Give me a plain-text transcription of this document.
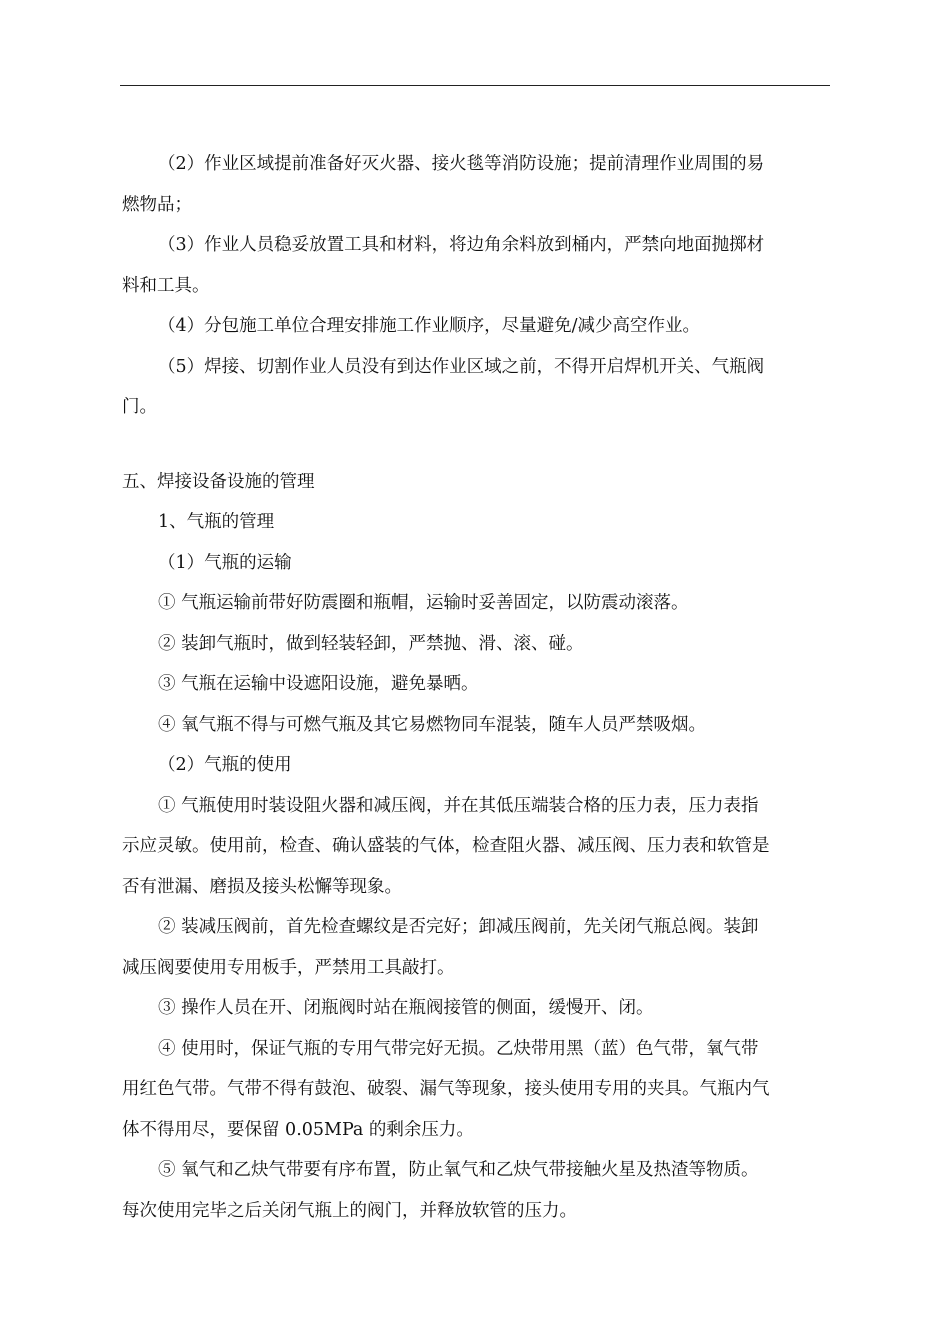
（2）作业区域提前准备好灭火器、接火毯等消防设施；提前清理作业周围的易
燃物品；
（3）作业人员稳妥放置工具和材料，将边角余料放到桶内，严禁向地面抛掷材
料和工具。
（4）分包施工单位合理安排施工作业顺序，尽量避免/减少高空作业。
（5）焊接、切割作业人员没有到达作业区域之前，不得开启焊机开关、气瓶阀
门。
五、焊接设备设施的管理
1、气瓶的管理
（1）气瓶的运输
① 气瓶运输前带好防震圈和瓶帽，运输时妥善固定，以防震动滚落。
② 装卸气瓶时，做到轻装轻卸，严禁抛、滑、滚、碰。
③ 气瓶在运输中设遮阳设施，避免暴晒。
④ 氧气瓶不得与可燃气瓶及其它易燃物同车混装，随车人员严禁吸烟。
（2）气瓶的使用
① 气瓶使用时装设阻火器和减压阀，并在其低压端装合格的压力表，压力表指
示应灵敏。使用前，检查、确认盛装的气体，检查阻火器、减压阀、压力表和软管是
否有泄漏、磨损及接头松懈等现象。
② 装减压阀前，首先检查螺纹是否完好；卸减压阀前，先关闭气瓶总阀。装卸
减压阀要使用专用板手，严禁用工具敲打。
③ 操作人员在开、闭瓶阀时站在瓶阀接管的侧面，缓慢开、闭。
④ 使用时，保证气瓶的专用气带完好无损。乙炔带用黑（蓝）色气带，氧气带
用红色气带。气带不得有鼓泡、破裂、漏气等现象，接头使用专用的夹具。气瓶内气
体不得用尽，要保留 0.05MPa 的剩余压力。
⑤ 氧气和乙炔气带要有序布置，防止氧气和乙炔气带接触火星及热渣等物质。
每次使用完毕之后关闭气瓶上的阀门，并释放软管的压力。
